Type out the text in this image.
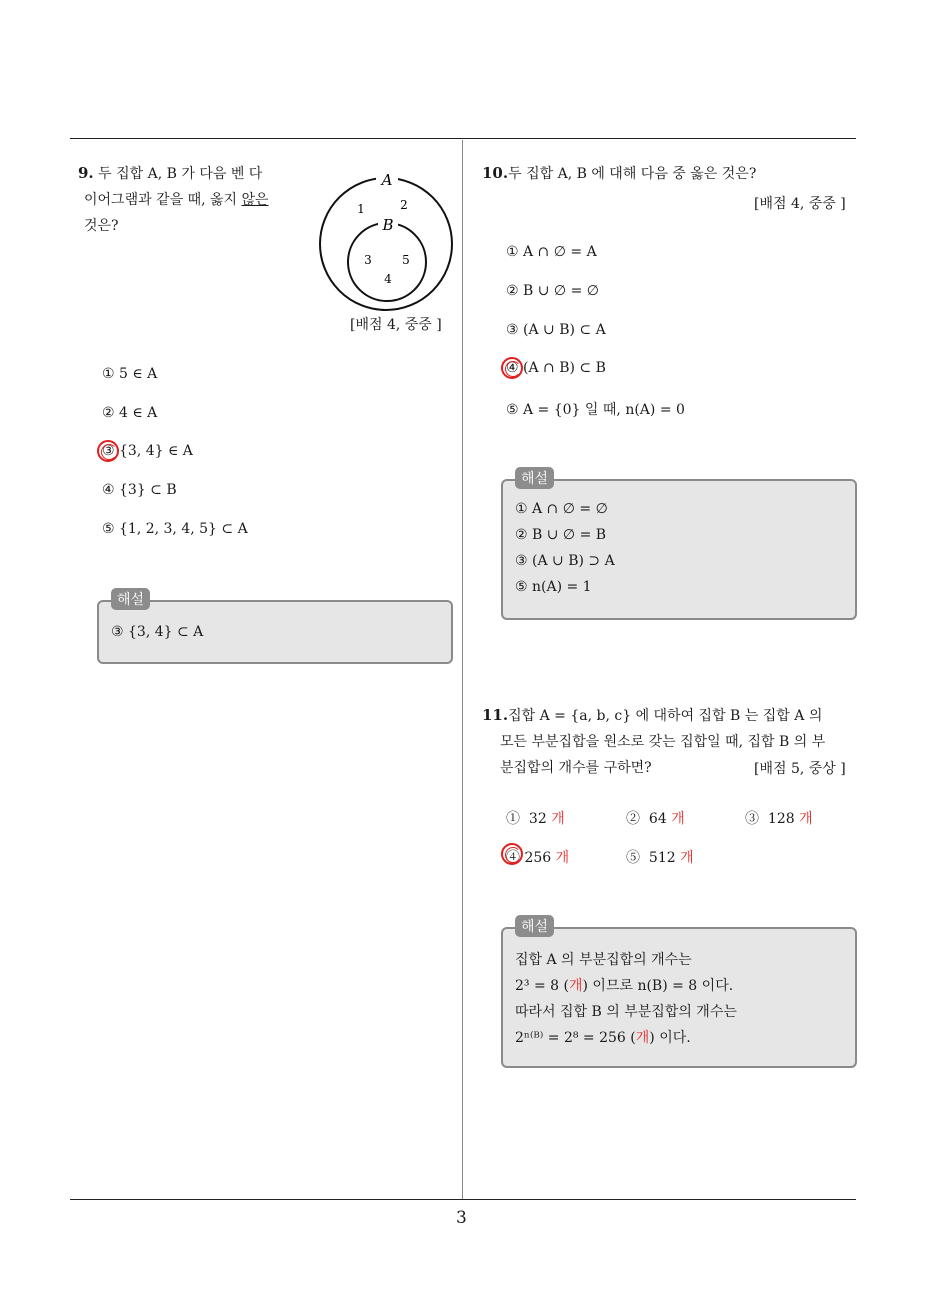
3
9. 두 집합 A, B 가 다음 벤 다
이어그램과 같을 때, 옳지 않은
것은?
A
1	2
B
3	5
4
[배점 4, 중중 ]
① 5 ∈ A
② 4 ∈ A
③ {3, 4} ∈ A
④ {3} ⊂ B
⑤ {1, 2, 3, 4, 5} ⊂ A
③ {3, 4} ⊂ A
해설
10.두 집합 A, B 에 대해 다음 중 옳은 것은?
[배점 4, 중중 ]
① A ∩ ∅ = A
② B ∪ ∅ = ∅
③ (A ∪ B) ⊂ A
④ (A ∩ B) ⊂ B
⑤ A = {0} 일 때, n(A) = 0
① A ∩ ∅ = ∅
② B ∪ ∅ = B
③ (A ∪ B) ⊃ A
⑤ n(A) = 1
해설
11.집합 A = {a, b, c} 에 대하여 집합 B 는 집합 A 의
모든 부분집합을 원소로 갖는 집합일 때, 집합 B 의 부
분집합의 개수를 구하면?	[배점 5, 중상 ]
① 32 개	② 64 개	③ 128 개
④ 256 개	⑤ 512 개
집합 A 의 부분집합의 개수는
2³ = 8 (개) 이므로 n(B) = 8 이다.
따라서 집합 B 의 부분집합의 개수는
2ⁿ⁽ᴮ⁾ = 2⁸ = 256 (개) 이다.
해설
